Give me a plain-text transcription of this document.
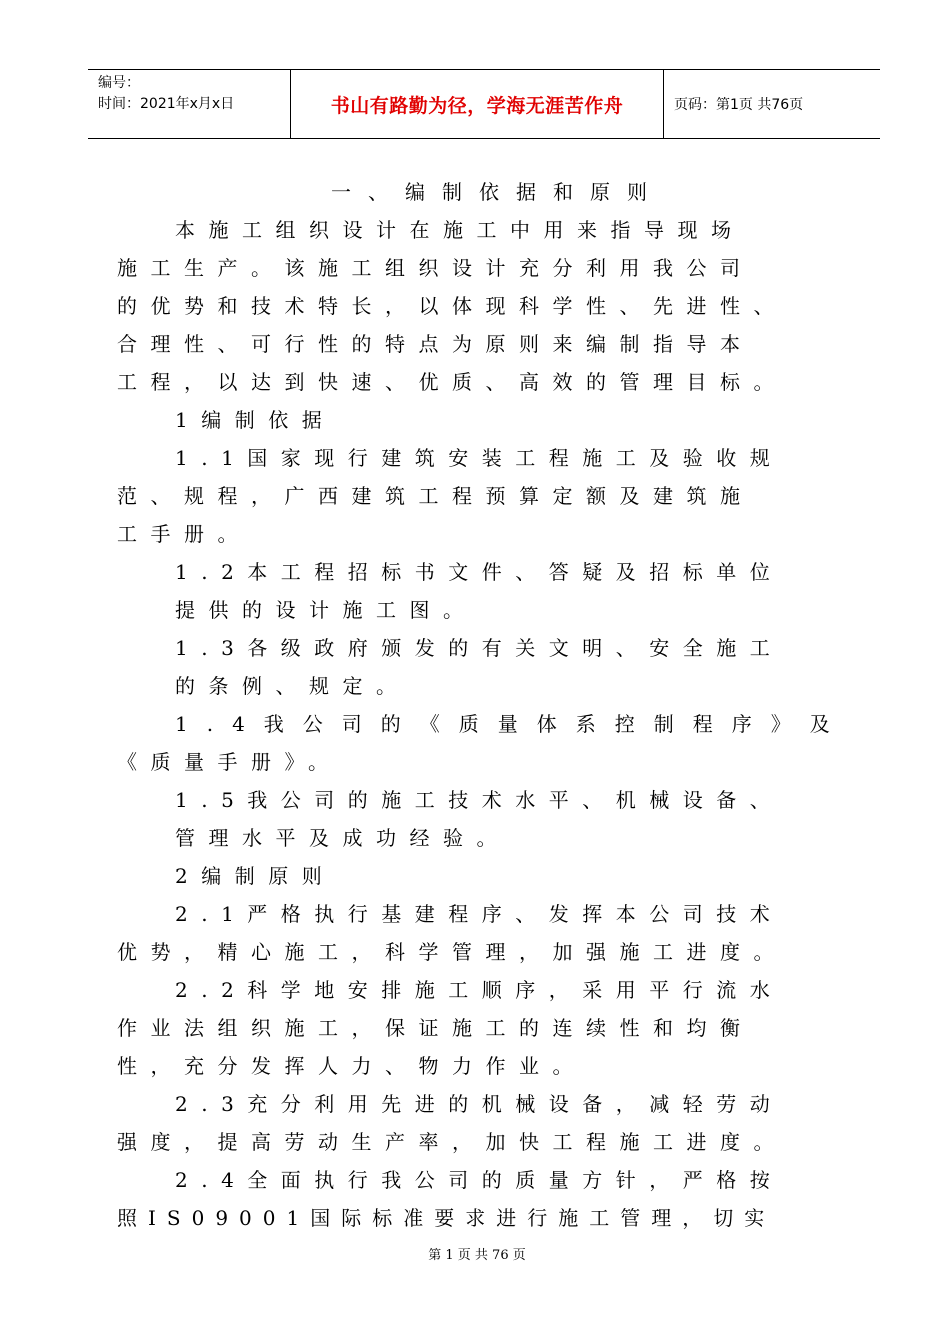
编号：
时间：2021年x月x日	书山有路勤为径，学海无涯苦作舟	页码：第1页 共76页
一、编制依据和原则
本施工组织设计在施工中用来指导现场
施工生产。该施工组织设计充分利用我公司
的优势和技术特长，以体现科学性、先进性、
合理性、可行性的特点为原则来编制指导本
工程，以达到快速、优质、高效的管理目标。
1编制依据
1.1国家现行建筑安装工程施工及验收规
范、规程，广西建筑工程预算定额及建筑施
工手册。
1.2本工程招标书文件、答疑及招标单位
提供的设计施工图。
1.3各级政府颁发的有关文明、安全施工
的条例、规定。
1.4我公司的《质量体系控制程序》及
《质量手册》。
1.5我公司的施工技术水平、机械设备、
管理水平及成功经验。
2编制原则
2.1严格执行基建程序、发挥本公司技术
优势，精心施工，科学管理，加强施工进度。
2.2科学地安排施工顺序，采用平行流水
作业法组织施工，保证施工的连续性和均衡
性，充分发挥人力、物力作业。
2.3充分利用先进的机械设备，减轻劳动
强度，提高劳动生产率，加快工程施工进度。
2.4全面执行我公司的质量方针，严格按
照IS09001国际标准要求进行施工管理，切实
第 1 页 共 76 页
